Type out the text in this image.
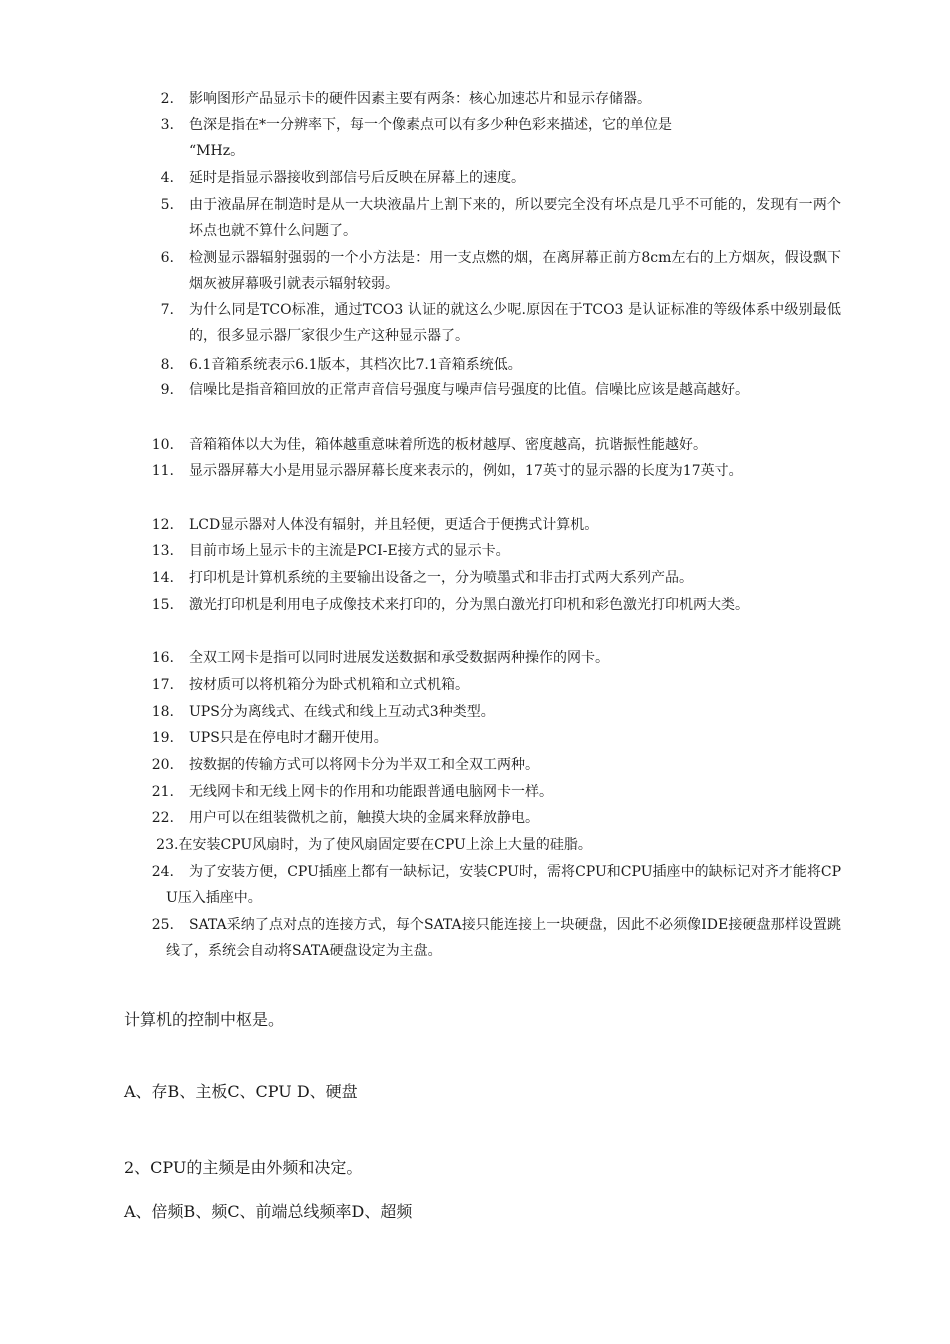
2. 影响图形产品显示卡的硬件因素主要有两条：核心加速芯片和显示存储器。
3. 色深是指在*一分辨率下，每一个像素点可以有多少种色彩来描述，它的单位是
“MHz。
4. 延时是指显示器接收到部信号后反映在屏幕上的速度。
5. 由于液晶屏在制造时是从一大块液晶片上割下来的，所以要完全没有坏点是几乎不可能的，发现有一两个坏点也就不算什么问题了。
6. 检测显示器辐射强弱的一个小方法是：用一支点燃的烟，在离屏幕正前方8cm左右的上方烟灰，假设飘下烟灰被屏幕吸引就表示辐射较弱。
7. 为什么同是TCO标准，通过TCO3 认证的就这么少呢.原因在于TCO3 是认证标准的等级体系中级别最低的，很多显示器厂家很少生产这种显示器了。
8. 6.1音箱系统表示6.1版本，其档次比7.1音箱系统低。
9. 信噪比是指音箱回放的正常声音信号强度与噪声信号强度的比值。信噪比应该是越高越好。
10.	音箱箱体以大为佳，箱体越重意味着所选的板材越厚、密度越高，抗谐振性能越好。
11.	显示器屏幕大小是用显示器屏幕长度来表示的，例如，17英寸的显示器的长度为17英寸。
12.	LCD显示器对人体没有辐射，并且轻便，更适合于便携式计算机。
13.	目前市场上显示卡的主流是PCI-E接方式的显示卡。
14.	打印机是计算机系统的主要输出设备之一，分为喷墨式和非击打式两大系列产品。
15.	激光打印机是利用电子成像技术来打印的，分为黑白激光打印机和彩色激光打印机两大类。
16.	全双工网卡是指可以同时进展发送数据和承受数据两种操作的网卡。
17.	按材质可以将机箱分为卧式机箱和立式机箱。
18.	UPS分为离线式、在线式和线上互动式3种类型。
19.	UPS只是在停电时才翻开使用。
20.	按数据的传输方式可以将网卡分为半双工和全双工两种。
21.	无线网卡和无线上网卡的作用和功能跟普通电脑网卡一样。
22.	用户可以在组装微机之前，触摸大块的金属来释放静电。
23 .在安装CPU风扇时，为了使风扇固定要在CPU上涂上大量的硅脂。
24.	为了安装方便，CPU插座上都有一缺标记，安装CPU时，需将CPU和CPU插座中的缺标记对齐才能将CPU压入插座中。
25.	SATA采纳了点对点的连接方式，每个SATA接只能连接上一块硬盘，因此不必须像IDE接硬盘那样设置跳线了，系统会自动将SATA硬盘设定为主盘。
计算机的控制中枢是。
A、存B、主板C、CPU D、硬盘
2、CPU的主频是由外频和决定。
A、倍频B、频C、前端总线频率D、超频
